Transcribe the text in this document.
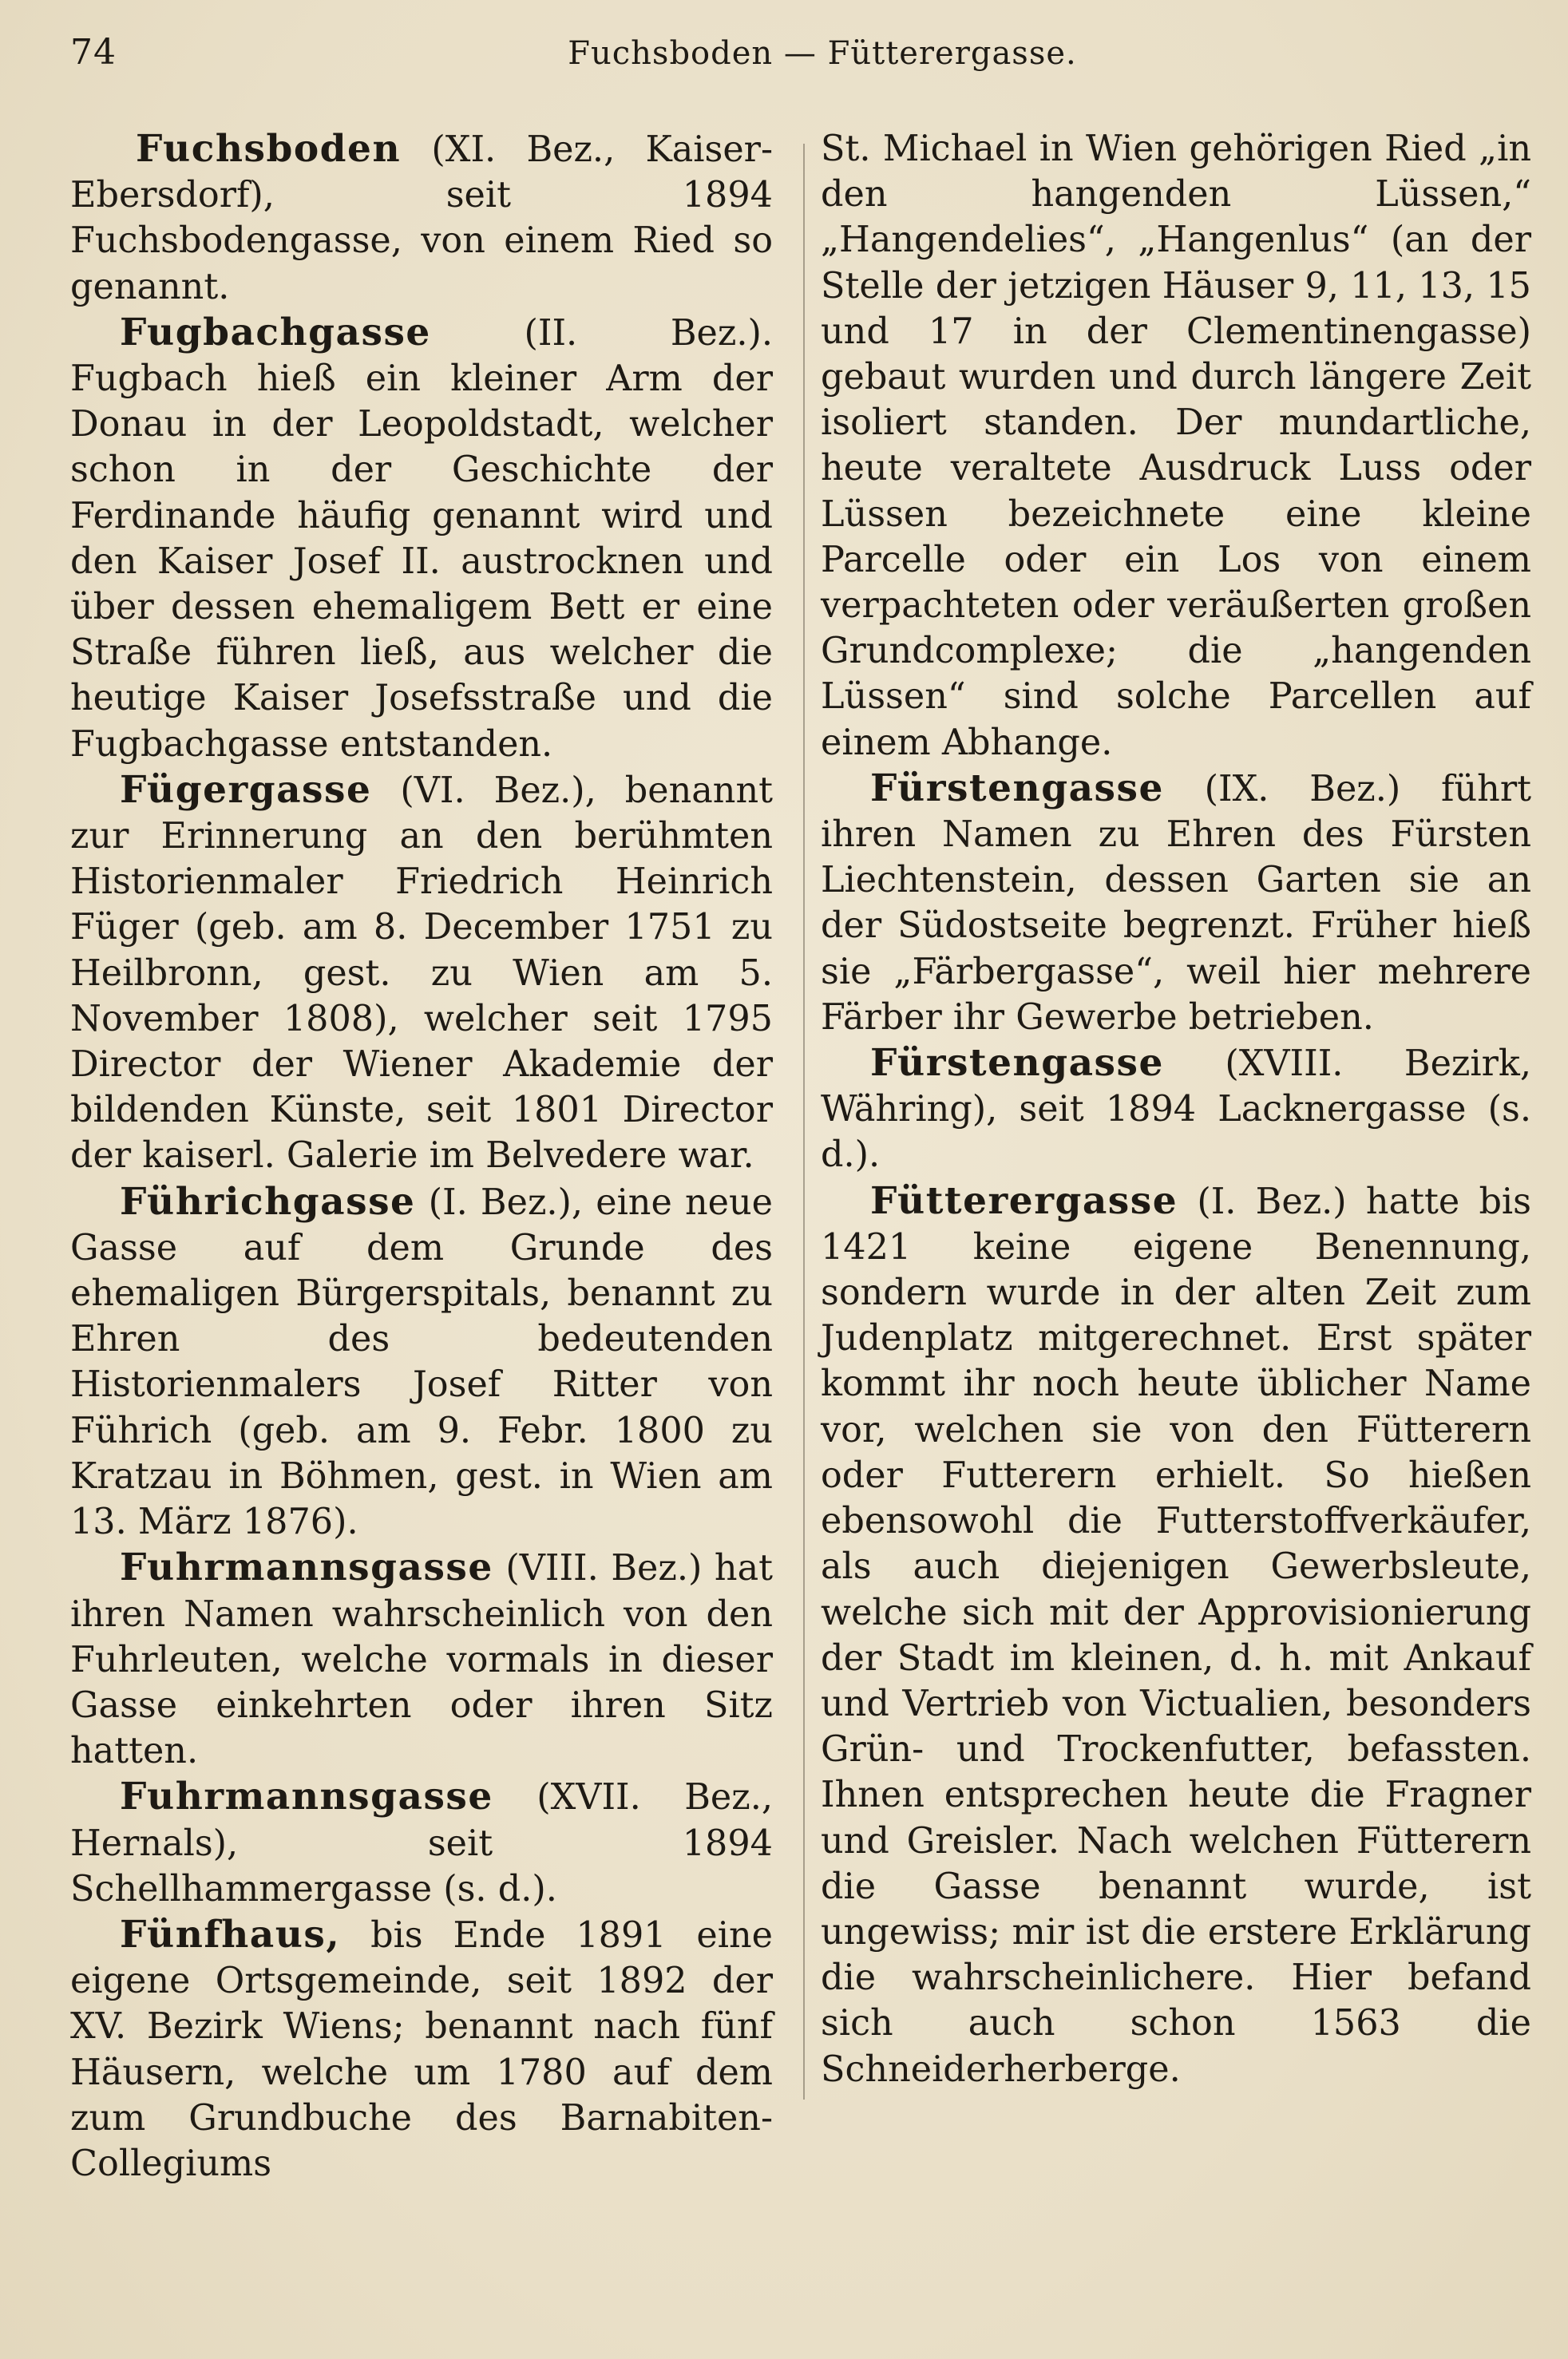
74	Fuchsboden — Fütterergasse.

Fuchsboden (XI. Bez., Kaiser-Ebersdorf), seit 1894 Fuchsbodengasse, von einem Ried so genannt.

Fugbachgasse (II. Bez.). Fugbach hieß ein kleiner Arm der Donau in der Leopoldstadt, welcher schon in der Geschichte der Ferdinande häufig genannt wird und den Kaiser Josef II. austrocknen und über dessen ehemaligem Bett er eine Straße führen ließ, aus welcher die heutige Kaiser Josefsstraße und die Fugbachgasse entstanden.

Fügergasse (VI. Bez.), benannt zur Erinnerung an den berühmten Historienmaler Friedrich Heinrich Füger (geb. am 8. December 1751 zu Heilbronn, gest. zu Wien am 5. November 1808), welcher seit 1795 Director der Wiener Akademie der bildenden Künste, seit 1801 Director der kaiserl. Galerie im Belvedere war.

Führichgasse (I. Bez.), eine neue Gasse auf dem Grunde des ehemaligen Bürgerspitals, benannt zu Ehren des bedeutenden Historienmalers Josef Ritter von Führich (geb. am 9. Febr. 1800 zu Kratzau in Böhmen, gest. in Wien am 13. März 1876).

Fuhrmannsgasse (VIII. Bez.) hat ihren Namen wahrscheinlich von den Fuhrleuten, welche vormals in dieser Gasse einkehrten oder ihren Sitz hatten.

Fuhrmannsgasse (XVII. Bez., Hernals), seit 1894 Schellhammergasse (s. d.).

Fünfhaus, bis Ende 1891 eine eigene Ortsgemeinde, seit 1892 der XV. Bezirk Wiens; benannt nach fünf Häusern, welche um 1780 auf dem zum Grundbuche des Barnabiten-Collegiums

St. Michael in Wien gehörigen Ried „in den hangenden Lüssen,“ „Hangendelies“, „Hangenlus“ (an der Stelle der jetzigen Häuser 9, 11, 13, 15 und 17 in der Clementinengasse) gebaut wurden und durch längere Zeit isoliert standen. Der mundartliche, heute veraltete Ausdruck Luss oder Lüssen bezeichnete eine kleine Parcelle oder ein Los von einem verpachteten oder veräußerten großen Grundcomplexe; die „hangenden Lüssen“ sind solche Parcellen auf einem Abhange.

Fürstengasse (IX. Bez.) führt ihren Namen zu Ehren des Fürsten Liechtenstein, dessen Garten sie an der Südostseite begrenzt. Früher hieß sie „Färbergasse“, weil hier mehrere Färber ihr Gewerbe betrieben.

Fürstengasse (XVIII. Bezirk, Währing), seit 1894 Lacknergasse (s. d.).

Fütterergasse (I. Bez.) hatte bis 1421 keine eigene Benennung, sondern wurde in der alten Zeit zum Judenplatz mitgerechnet. Erst später kommt ihr noch heute üblicher Name vor, welchen sie von den Fütterern oder Futterern erhielt. So hießen ebensowohl die Futterstoffverkäufer, als auch diejenigen Gewerbsleute, welche sich mit der Approvisionierung der Stadt im kleinen, d. h. mit Ankauf und Vertrieb von Victualien, besonders Grün- und Trockenfutter, befassten. Ihnen entsprechen heute die Fragner und Greisler. Nach welchen Fütterern die Gasse benannt wurde, ist ungewiss; mir ist die erstere Erklärung die wahrscheinlichere. Hier befand sich auch schon 1563 die Schneiderherberge.
